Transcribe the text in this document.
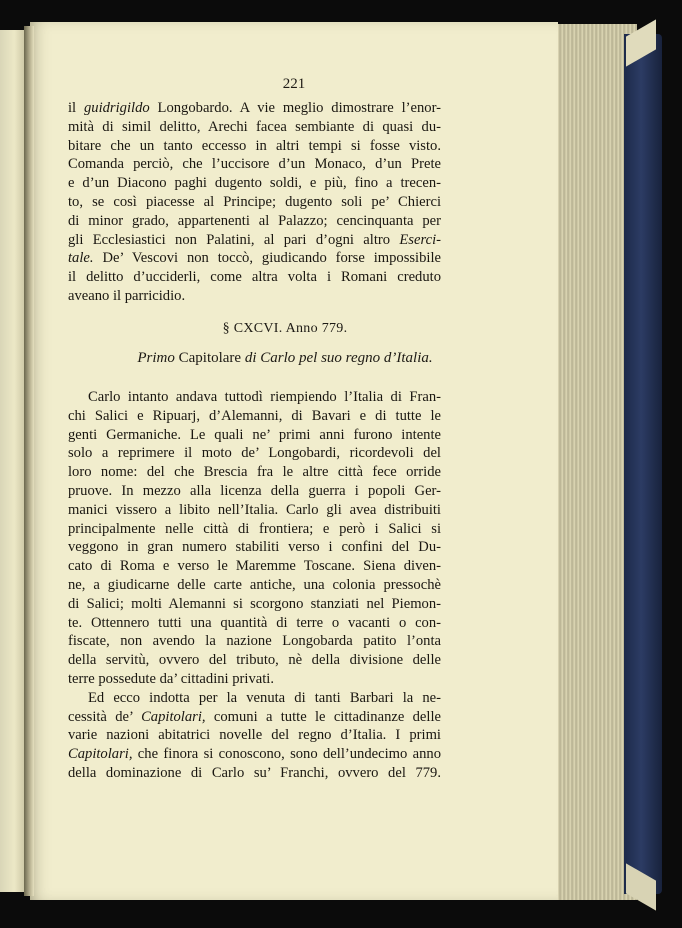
221
il guidrigildo Longobardo. A vie meglio dimostrare l’enor-
mità di simil delitto, Arechi facea sembiante di quasi du-
bitare che un tanto eccesso in altri tempi si fosse visto.
Comanda perciò, che l’uccisore d’un Monaco, d’un Prete
e d’un Diacono paghi dugento soldi, e più, fino a trecen-
to, se così piacesse al Principe; dugento soli pe’ Chierci
di minor grado, appartenenti al Palazzo; cencinquanta per
gli Ecclesiastici non Palatini, al pari d’ogni altro Eserci-
tale. De’ Vescovi non toccò, giudicando forse impossibile
il delitto d’ucciderli, come altra volta i Romani creduto
aveano il parricidio.
§ CXCVI. Anno 779.
Primo Capitolare di Carlo pel suo regno d’Italia.
Carlo intanto andava tuttodì riempiendo l’Italia di Fran-
chi Salici e Ripuarj, d’Alemanni, di Bavari e di tutte le
genti Germaniche. Le quali ne’ primi anni furono intente
solo a reprimere il moto de’ Longobardi, ricordevoli del
loro nome: del che Brescia fra le altre città fece orride
pruove. In mezzo alla licenza della guerra i popoli Ger-
manici vissero a libito nell’Italia. Carlo gli avea distribuiti
principalmente nelle città di frontiera; e però i Salici si
veggono in gran numero stabiliti verso i confini del Du-
cato di Roma e verso le Maremme Toscane. Siena diven-
ne, a giudicarne delle carte antiche, una colonia pressochè
di Salici; molti Alemanni si scorgono stanziati nel Piemon-
te. Ottennero tutti una quantità di terre o vacanti o con-
fiscate, non avendo la nazione Longobarda patito l’onta
della servitù, ovvero del tributo, nè della divisione delle
terre possedute da’ cittadini privati.
Ed ecco indotta per la venuta di tanti Barbari la ne-
cessità de’ Capitolari, comuni a tutte le cittadinanze delle
varie nazioni abitatrici novelle del regno d’Italia. I primi
Capitolari, che finora si conoscono, sono dell’undecimo anno
della dominazione di Carlo su’ Franchi, ovvero del 779.
